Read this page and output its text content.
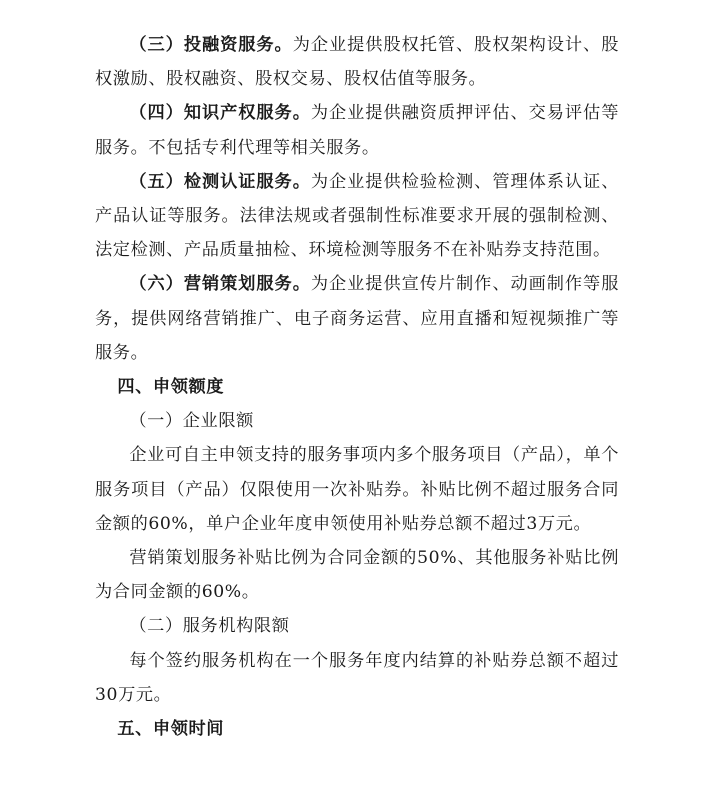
（三）投融资服务。为企业提供股权托管、股权架构设计、股权激励、股权融资、股权交易、股权估值等服务。

（四）知识产权服务。为企业提供融资质押评估、交易评估等服务。不包括专利代理等相关服务。

（五）检测认证服务。为企业提供检验检测、管理体系认证、产品认证等服务。法律法规或者强制性标准要求开展的强制检测、法定检测、产品质量抽检、环境检测等服务不在补贴券支持范围。

（六）营销策划服务。为企业提供宣传片制作、动画制作等服务，提供网络营销推广、电子商务运营、应用直播和短视频推广等服务。

四、申领额度

（一）企业限额

企业可自主申领支持的服务事项内多个服务项目（产品），单个服务项目（产品）仅限使用一次补贴券。补贴比例不超过服务合同金额的60%，单户企业年度申领使用补贴券总额不超过3万元。

营销策划服务补贴比例为合同金额的50%、其他服务补贴比例为合同金额的60%。

（二）服务机构限额

每个签约服务机构在一个服务年度内结算的补贴券总额不超过30万元。

五、申领时间
